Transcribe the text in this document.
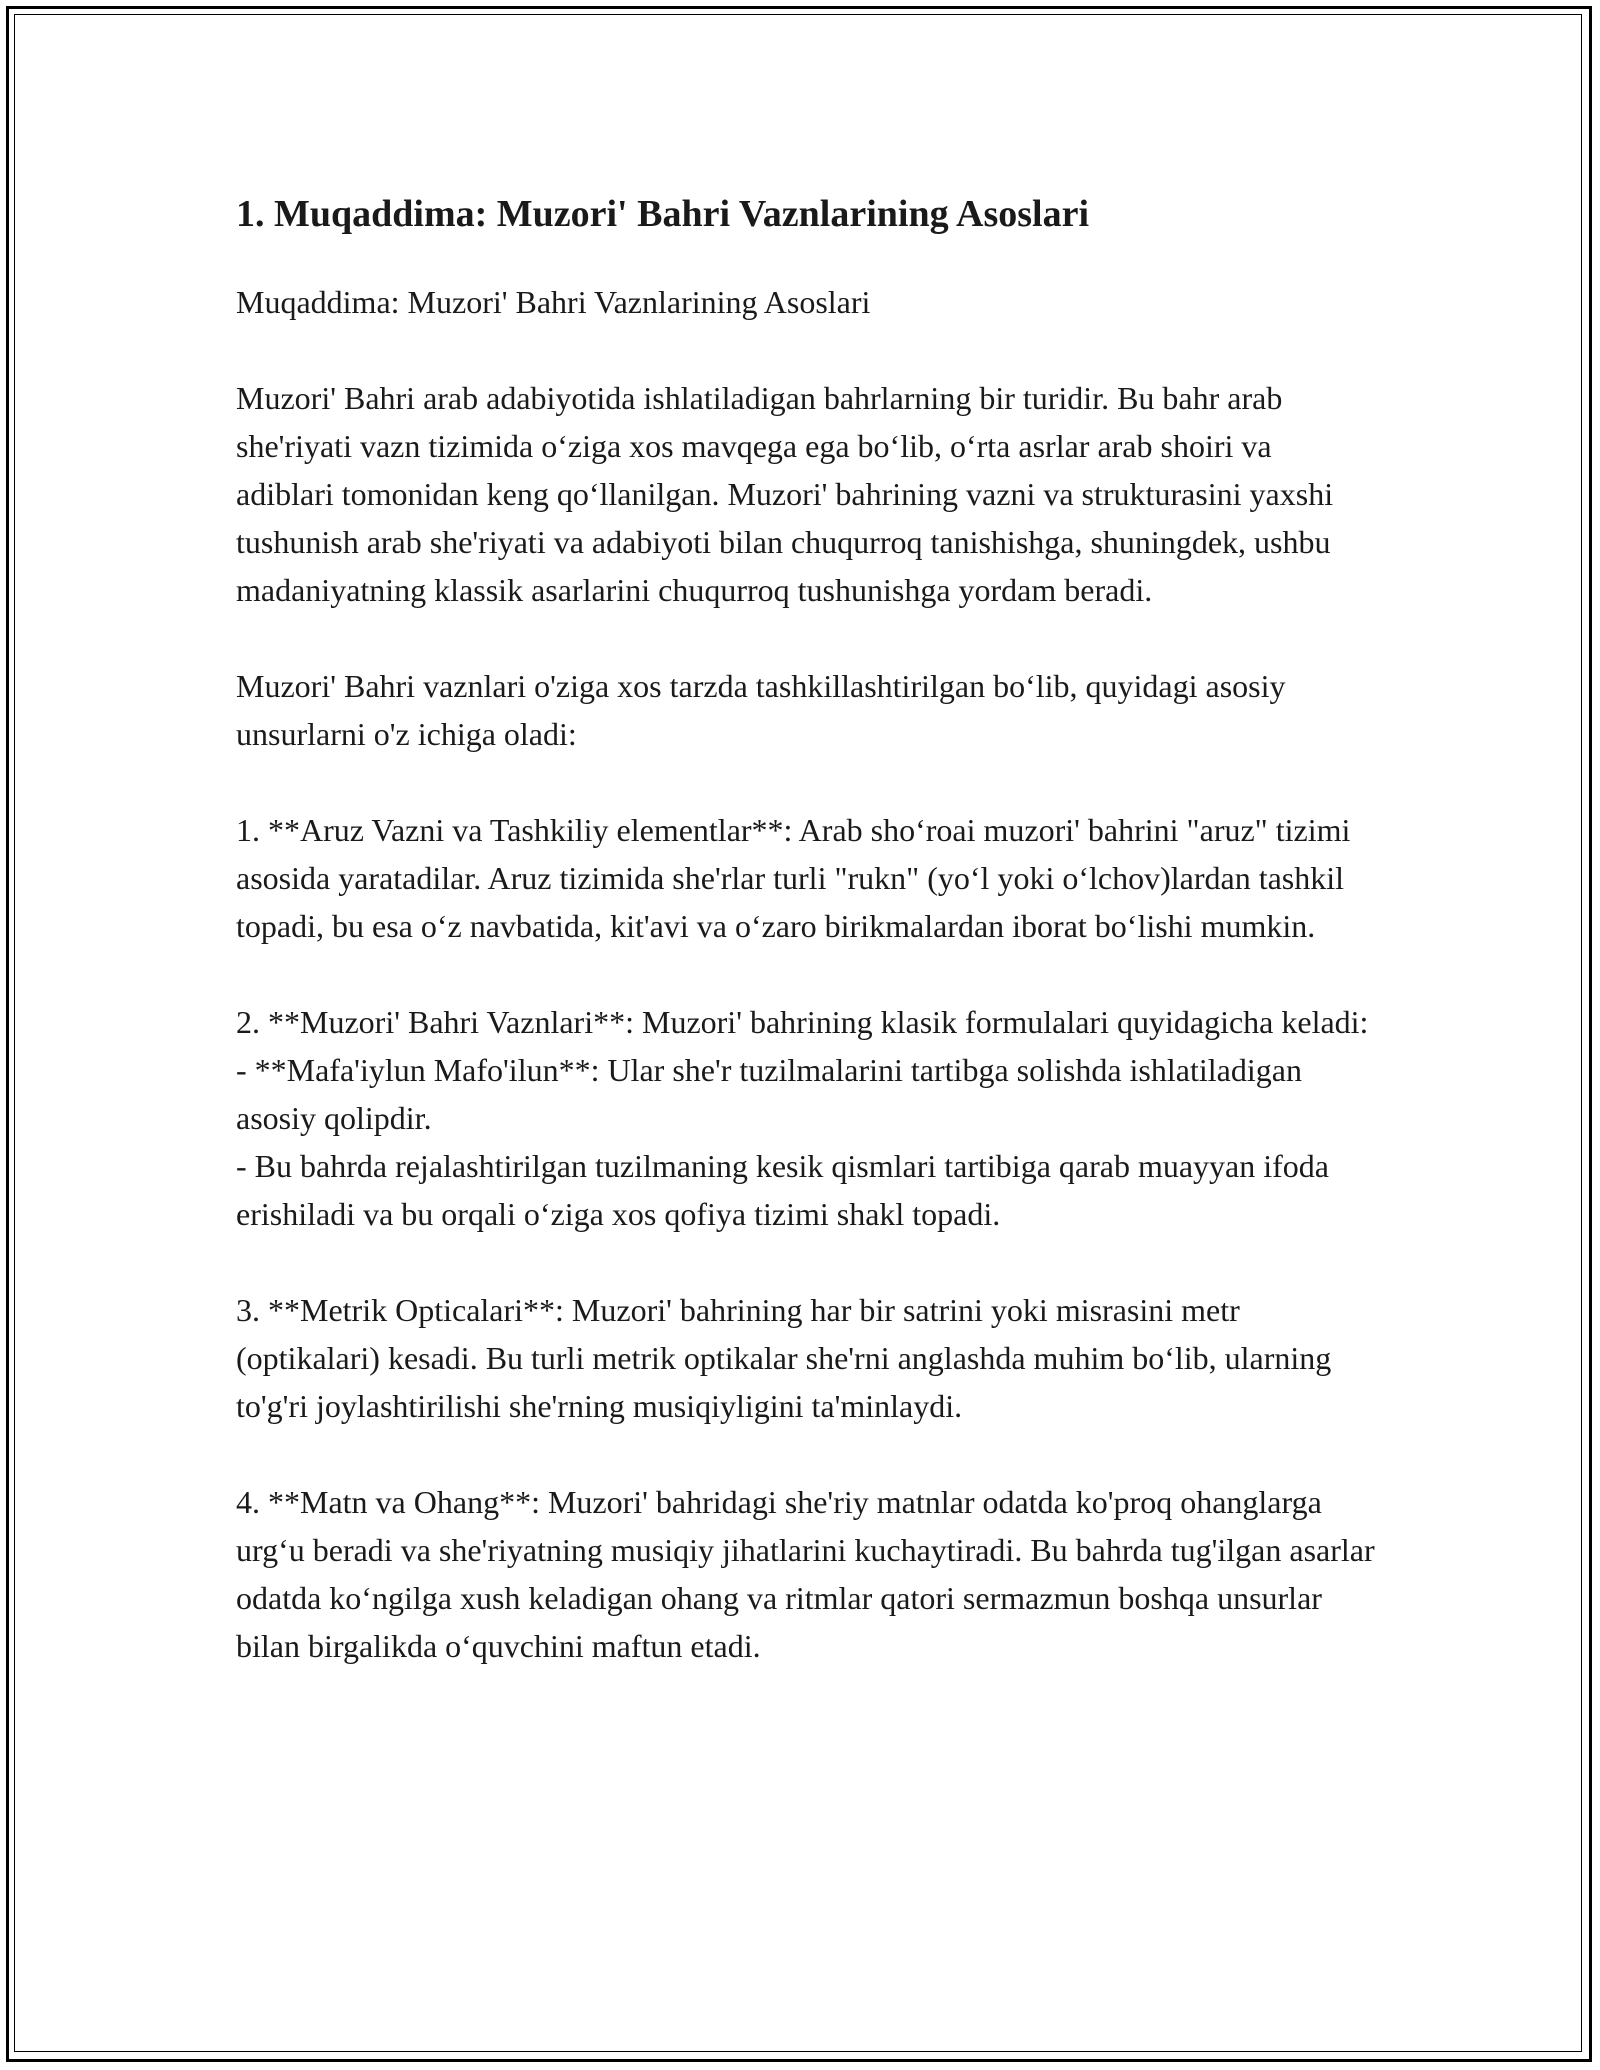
1. Muqaddima: Muzori' Bahri Vaznlarining Asoslari

Muqaddima: Muzori' Bahri Vaznlarining Asoslari

Muzori' Bahri arab adabiyotida ishlatiladigan bahrlarning bir turidir. Bu bahr arab she'riyati vazn tizimida o‘ziga xos mavqega ega bo‘lib, o‘rta asrlar arab shoiri va adiblari tomonidan keng qo‘llanilgan. Muzori' bahrining vazni va strukturasini yaxshi tushunish arab she'riyati va adabiyoti bilan chuqurroq tanishishga, shuningdek, ushbu madaniyatning klassik asarlarini chuqurroq tushunishga yordam beradi.

Muzori' Bahri vaznlari o'ziga xos tarzda tashkillashtirilgan bo‘lib, quyidagi asosiy unsurlarni o'z ichiga oladi:

1. **Aruz Vazni va Tashkiliy elementlar**: Arab sho‘roai muzori' bahrini "aruz" tizimi asosida yaratadilar. Aruz tizimida she'rlar turli "rukn" (yo‘l yoki o‘lchov)lardan tashkil topadi, bu esa o‘z navbatida, kit'avi va o‘zaro birikmalardan iborat bo‘lishi mumkin.

2. **Muzori' Bahri Vaznlari**: Muzori' bahrining klasik formulalari quyidagicha keladi:
- **Mafa'iylun Mafo'ilun**: Ular she'r tuzilmalarini tartibga solishda ishlatiladigan asosiy qolipdir.
- Bu bahrda rejalashtirilgan tuzilmaning kesik qismlari tartibiga qarab muayyan ifoda erishiladi va bu orqali o‘ziga xos qofiya tizimi shakl topadi.

3. **Metrik Opticalari**: Muzori' bahrining har bir satrini yoki misrasini metr (optikalari) kesadi. Bu turli metrik optikalar she'rni anglashda muhim bo‘lib, ularning to'g'ri joylashtirilishi she'rning musiqiyligini ta'minlaydi.

4. **Matn va Ohang**: Muzori' bahridagi she'riy matnlar odatda ko'proq ohanglarga urg‘u beradi va she'riyatning musiqiy jihatlarini kuchaytiradi. Bu bahrda tug'ilgan asarlar odatda ko‘ngilga xush keladigan ohang va ritmlar qatori sermazmun boshqa unsurlar bilan birgalikda o‘quvchini maftun etadi.
